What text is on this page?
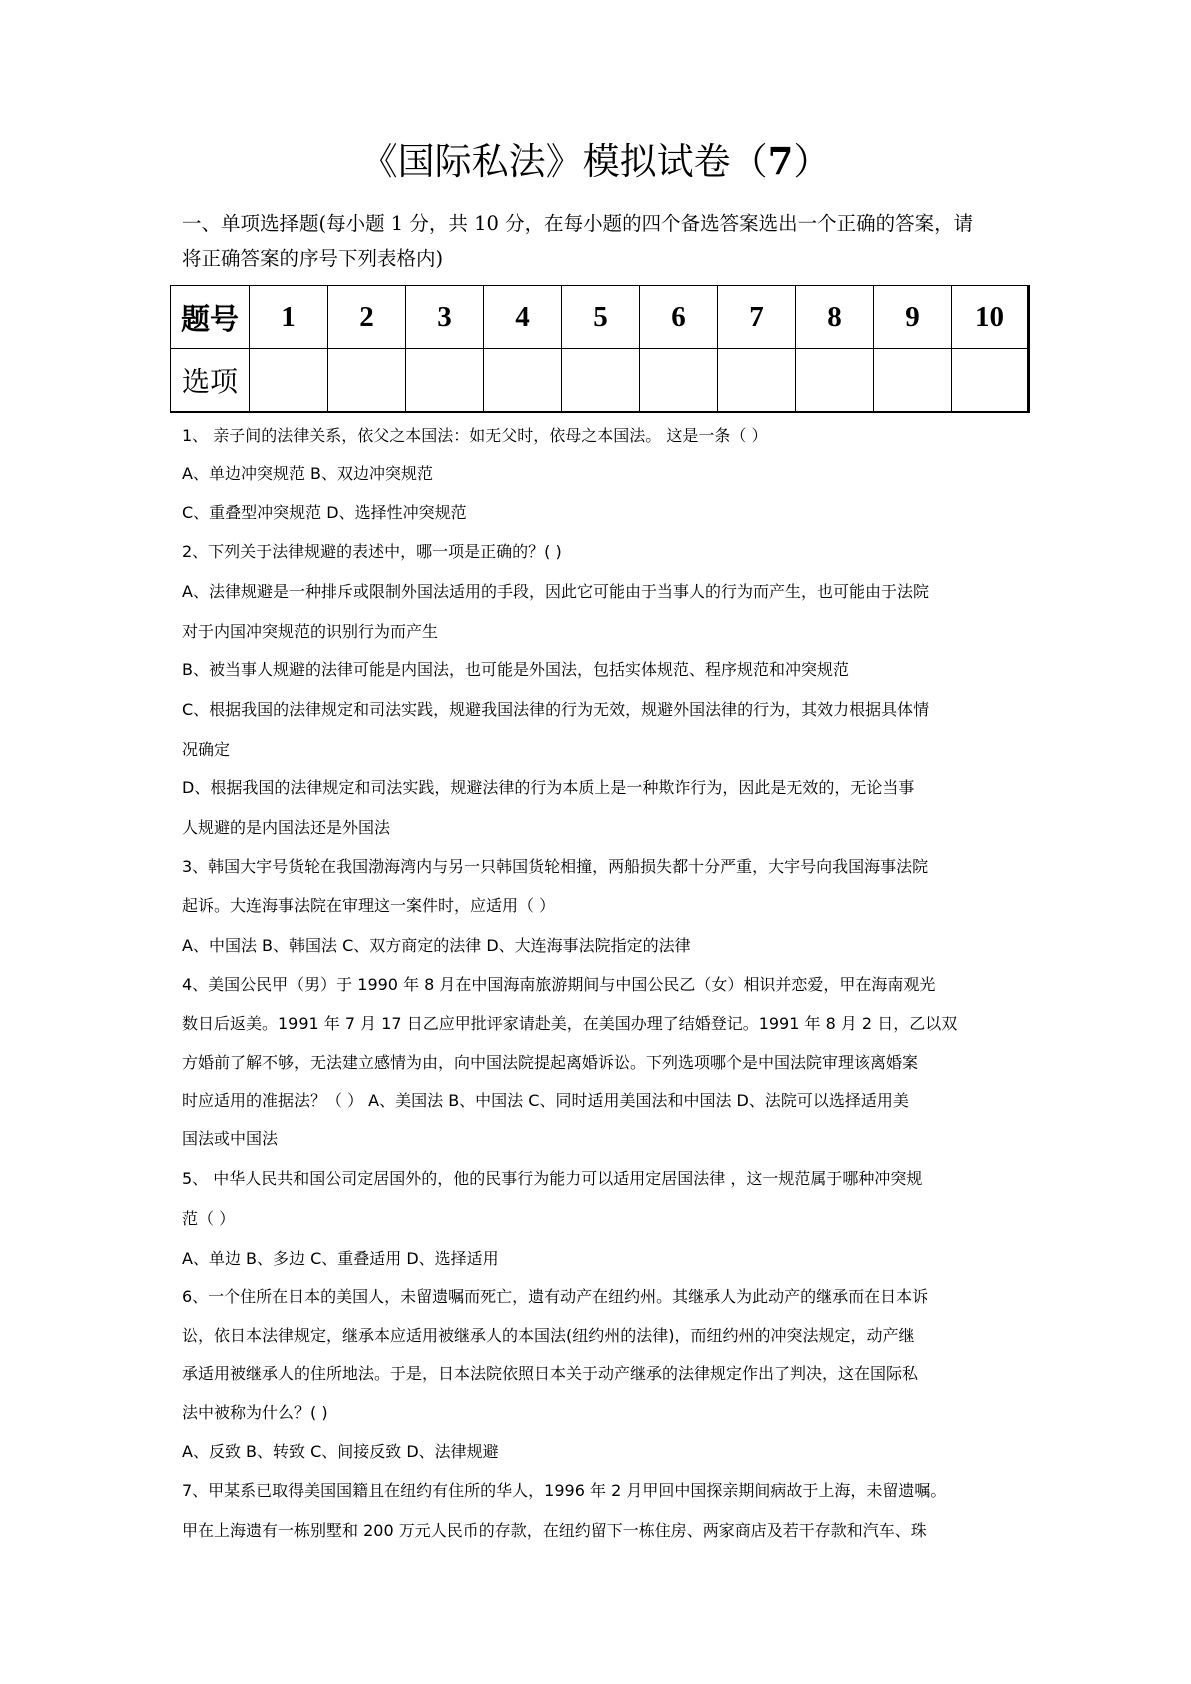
《国际私法》模拟试卷（7）
一、单项选择题(每小题 1 分，共 10 分，在每小题的四个备选答案选出一个正确的答案，请
将正确答案的序号下列表格内)
题号	1	2	3	4	5	6	7	8	9	10
选项										
1、 亲子间的法律关系，依父之本国法：如无父时，依母之本国法。 这是一条（ ）
A、单边冲突规范 B、双边冲突规范
C、重叠型冲突规范 D、选择性冲突规范
2、下列关于法律规避的表述中，哪一项是正确的？( )
A、法律规避是一种排斥或限制外国法适用的手段，因此它可能由于当事人的行为而产生，也可能由于法院
对于内国冲突规范的识别行为而产生
B、被当事人规避的法律可能是内国法，也可能是外国法，包括实体规范、程序规范和冲突规范
C、根据我国的法律规定和司法实践，规避我国法律的行为无效，规避外国法律的行为，其效力根据具体情
况确定
D、根据我国的法律规定和司法实践，规避法律的行为本质上是一种欺诈行为，因此是无效的，无论当事
人规避的是内国法还是外国法
3、韩国大宇号货轮在我国渤海湾内与另一只韩国货轮相撞，两船损失都十分严重，大宇号向我国海事法院
起诉。大连海事法院在审理这一案件时，应适用（ ）
A、中国法 B、韩国法 C、双方商定的法律 D、大连海事法院指定的法律
4、美国公民甲（男）于 1990 年 8 月在中国海南旅游期间与中国公民乙（女）相识并恋爱，甲在海南观光
数日后返美。1991 年 7 月 17 日乙应甲批评家请赴美，在美国办理了结婚登记。1991 年 8 月 2 日，乙以双
方婚前了解不够，无法建立感情为由，向中国法院提起离婚诉讼。下列选项哪个是中国法院审理该离婚案
时应适用的准据法？（ ） A、美国法 B、中国法 C、同时适用美国法和中国法 D、法院可以选择适用美
国法或中国法
5、 中华人民共和国公司定居国外的，他的民事行为能力可以适用定居国法律 ，这一规范属于哪种冲突规
范（ ）
A、单边 B、多边 C、重叠适用 D、选择适用
6、一个住所在日本的美国人，未留遗嘱而死亡，遗有动产在纽约州。其继承人为此动产的继承而在日本诉
讼，依日本法律规定，继承本应适用被继承人的本国法(纽约州的法律)，而纽约州的冲突法规定，动产继
承适用被继承人的住所地法。于是，日本法院依照日本关于动产继承的法律规定作出了判决，这在国际私
法中被称为什么？( )
A、反致 B、转致 C、间接反致 D、法律规避
7、甲某系已取得美国国籍且在纽约有住所的华人，1996 年 2 月甲回中国探亲期间病故于上海，未留遗嘱。
甲在上海遗有一栋别墅和 200 万元人民币的存款，在纽约留下一栋住房、两家商店及若干存款和汽车、珠
